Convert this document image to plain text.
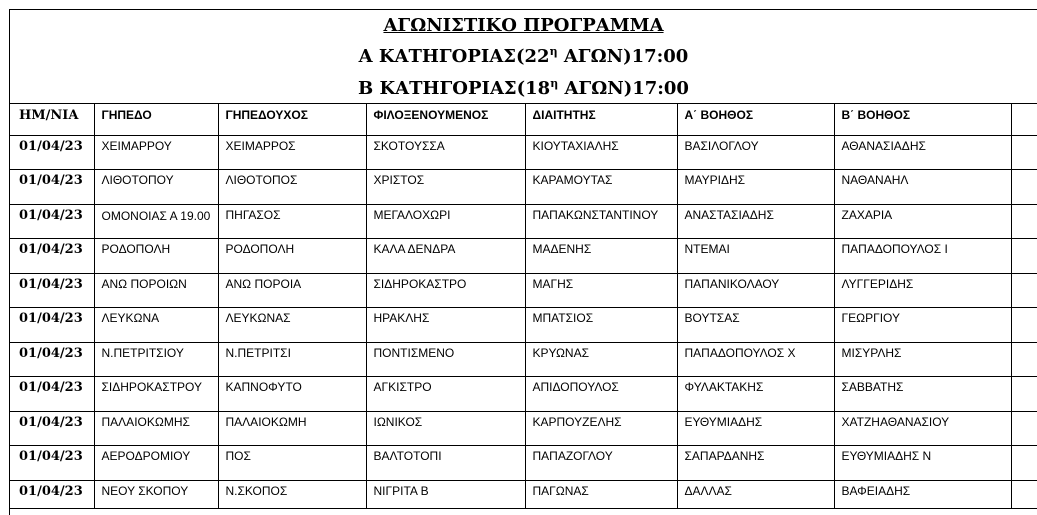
ΑΓΩΝΙΣΤΙΚΟ ΠΡΟΓΡΑΜΜΑ
Α $KATH\Gamma OPIA\Sigma(22^\eta$ ΑΓΩΝ)17:00
Β $KATH\Gamma OPIA\Sigma(18^\eta$ ΑΓΩΝ)17:00
ΗΜ/ΝΙΑ	ΓΗΠΕΔΟ	ΓΗΠΕΔΟΥΧΟΣ	ΦΙΛΟΞΕΝΟΥΜΕΝΟΣ	ΔΙΑΙΤΗΤΗΣ	Α΄ ΒΟΗΘΟΣ	Β΄ ΒΟΗΘΟΣ	
01/04/23	ΧΕΙΜΑΡΡΟΥ	ΧΕΙΜΑΡΡΟΣ	ΣΚΟΤΟΥΣΣΑ	ΚΙΟΥΤΑΧΙΑΛΗΣ	ΒΑΣΙΛΟΓΛΟΥ	ΑΘΑΝΑΣΙΑΔΗΣ	
01/04/23	ΛΙΘΟΤΟΠΟΥ	ΛΙΘΟΤΟΠΟΣ	ΧΡΙΣΤΟΣ	ΚΑΡΑΜΟΥΤΑΣ	ΜΑΥΡΙΔΗΣ	ΝΑΘΑΝΑΗΛ	
01/04/23	ΟΜΟΝΟΙΑΣ Α 19.00	ΠΗΓΑΣΟΣ	ΜΕΓΑΛΟΧΩΡΙ	ΠΑΠΑΚΩΝΣΤΑΝΤΙΝΟΥ	ΑΝΑΣΤΑΣΙΑΔΗΣ	ΖΑΧΑΡΙΑ	
01/04/23	ΡΟΔΟΠΟΛΗ	ΡΟΔΟΠΟΛΗ	ΚΑΛΑ ΔΕΝΔΡΑ	ΜΑΔΕΝΗΣ	ΝΤΕΜΑΙ	ΠΑΠΑΔΟΠΟΥΛΟΣ Ι	
01/04/23	ΑΝΩ ΠΟΡΟΙΩΝ	ΑΝΩ ΠΟΡΟΙΑ	ΣΙΔΗΡΟΚΑΣΤΡΟ	ΜΑΓΗΣ	ΠΑΠΑΝΙΚΟΛΑΟΥ	ΛΥΓΓΕΡΙΔΗΣ	
01/04/23	ΛΕΥΚΩΝΑ	ΛΕΥΚΩΝΑΣ	ΗΡΑΚΛΗΣ	ΜΠΑΤΣΙΟΣ	ΒΟΥΤΣΑΣ	ΓΕΩΡΓΙΟΥ	
01/04/23	Ν.ΠΕΤΡΙΤΣΙΟΥ	Ν.ΠΕΤΡΙΤΣΙ	ΠΟΝΤΙΣΜΕΝΟ	ΚΡΥΩΝΑΣ	ΠΑΠΑΔΟΠΟΥΛΟΣ Χ	ΜΙΣΥΡΛΗΣ	
01/04/23	ΣΙΔΗΡΟΚΑΣΤΡΟΥ	ΚΑΠΝΟΦΥΤΟ	ΑΓΚΙΣΤΡΟ	ΑΠΙΔΟΠΟΥΛΟΣ	ΦΥΛΑΚΤΑΚΗΣ	ΣΑΒΒΑΤΗΣ	
01/04/23	ΠΑΛΑΙΟΚΩΜΗΣ	ΠΑΛΑΙΟΚΩΜΗ	ΙΩΝΙΚΟΣ	ΚΑΡΠΟΥΖΕΛΗΣ	ΕΥΘΥΜΙΑΔΗΣ	ΧΑΤΖΗΑΘΑΝΑΣΙΟΥ	
01/04/23	ΑΕΡΟΔΡΟΜΙΟΥ	ΠΟΣ	ΒΑΛΤΟΤΟΠΙ	ΠΑΠΑΖΟΓΛΟΥ	ΣΑΠΑΡΔΑΝΗΣ	ΕΥΘΥΜΙΑΔΗΣ Ν	
01/04/23	ΝΕΟΥ ΣΚΟΠΟΥ	Ν.ΣΚΟΠΟΣ	ΝΙΓΡΙΤΑ Β	ΠΑΓΩΝΑΣ	ΔΑΛΛΑΣ	ΒΑΦΕΙΑΔΗΣ	
